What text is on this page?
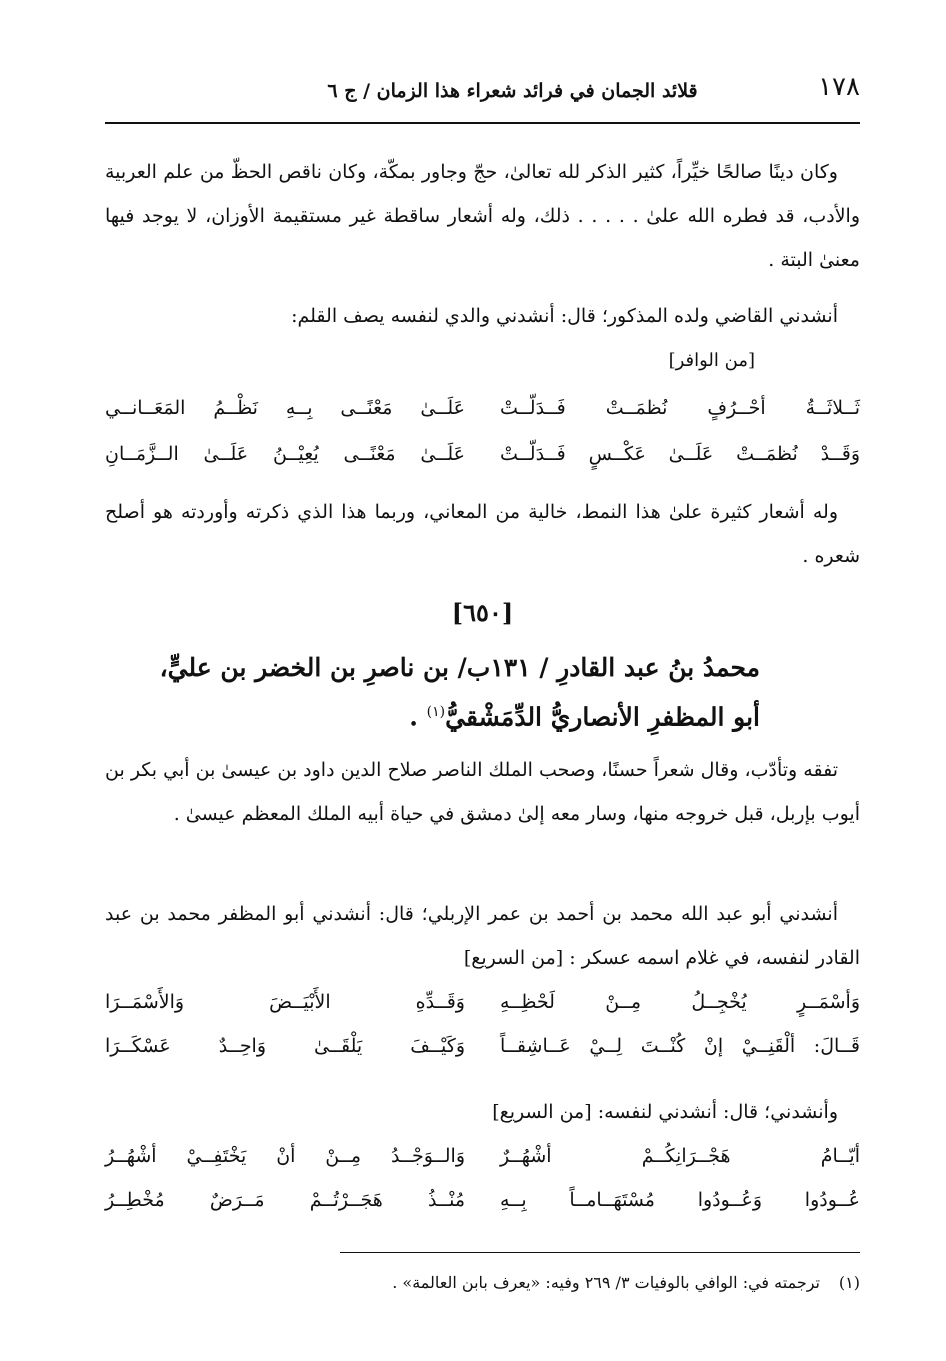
١٧٨
قلائد الجمان في فرائد شعراء هذا الزمان / ج ٦
وكان دينًا صالحًا خيِّراً، كثير الذكر لله تعالىٰ، حجّ وجاور بمكّة، وكان ناقص الحظّ من علم العربية والأدب، قد فطره الله علىٰ . . . . . ذلك، وله أشعار ساقطة غير مستقيمة الأوزان، لا يوجد فيها معنىٰ البتة .
أنشدني القاضي ولده المذكور؛ قال: أنشدني والدي لنفسه يصف القلم:
[من الوافر]
ثَــلاثَــةُ أحْــرُفٍ نُظمَــتْ فَــدَلّــتْ
عَلَــىٰ مَعْنًــى بِــهِ نَظْــمُ المَعَــانــي
وَقَــدْ نُظمَــتْ عَلَــىٰ عَكْــسٍ فَــدَلّــتْ
عَلَــىٰ مَعْنًــى يُعِيْــنُ عَلَــىٰ الــزَّمَــانِ
وله أشعار كثيرة علىٰ هذا النمط، خالية من المعاني، وربما هذا الذي ذكرته وأوردته هو أصلح شعره .
[٦٥٠]
محمدُ بنُ عبد القادرِ / ١٣١ب/ بن ناصرِ بن الخضر بن عليٍّ،
أبو المظفرِ الأنصاريُّ الدِّمَشْقيُّ$^{(١)}$ .
تفقه وتأدّب، وقال شعراً حسنًا، وصحب الملك الناصر صلاح الدين داود بن عيسىٰ بن أبي بكر بن أيوب بإربل، قبل خروجه منها، وسار معه إلىٰ دمشق في حياة أبيه الملك المعظم عيسىٰ .
أنشدني أبو عبد الله محمد بن أحمد بن عمر الإربلي؛ قال: أنشدني أبو المظفر محمد بن عبد القادر لنفسه، في غلام اسمه عسكر : [من السريع]
وَأسْمَــرٍ يُخْجِــلُ مِــنْ لَحْظِــهِ
وَقَــدِّهِ الأَبْيَــضَ وَالأَسْمَــرَا
قَــالَ: ألْقَنِــيْ إنْ كُنْــتَ لِــيْ عَــاشِقــاً
وَكَيْــفَ يَلْقَــىٰ وَاحِــدٌ عَسْكَــرَا
وأنشدني؛ قال: أنشدني لنفسه: [من السريع]
أيّــامُ هَجْــرَانِكُــمْ أشْهُــرٌ
وَالــوَجْــدُ مِــنْ أنْ يَخْتَفِــيْ أشْهُــرُ
عُــودُوا وَعُــودُوا مُسْتَهَــامــاً بِــهِ
مُنْــذُ هَجَــرْتُــمْ مَــرَضٌ مُخْطِــرُ
(١)ترجمته في: الوافي بالوفيات ٣/ ٢٦٩ وفيه: «يعرف بابن العالمة» .
